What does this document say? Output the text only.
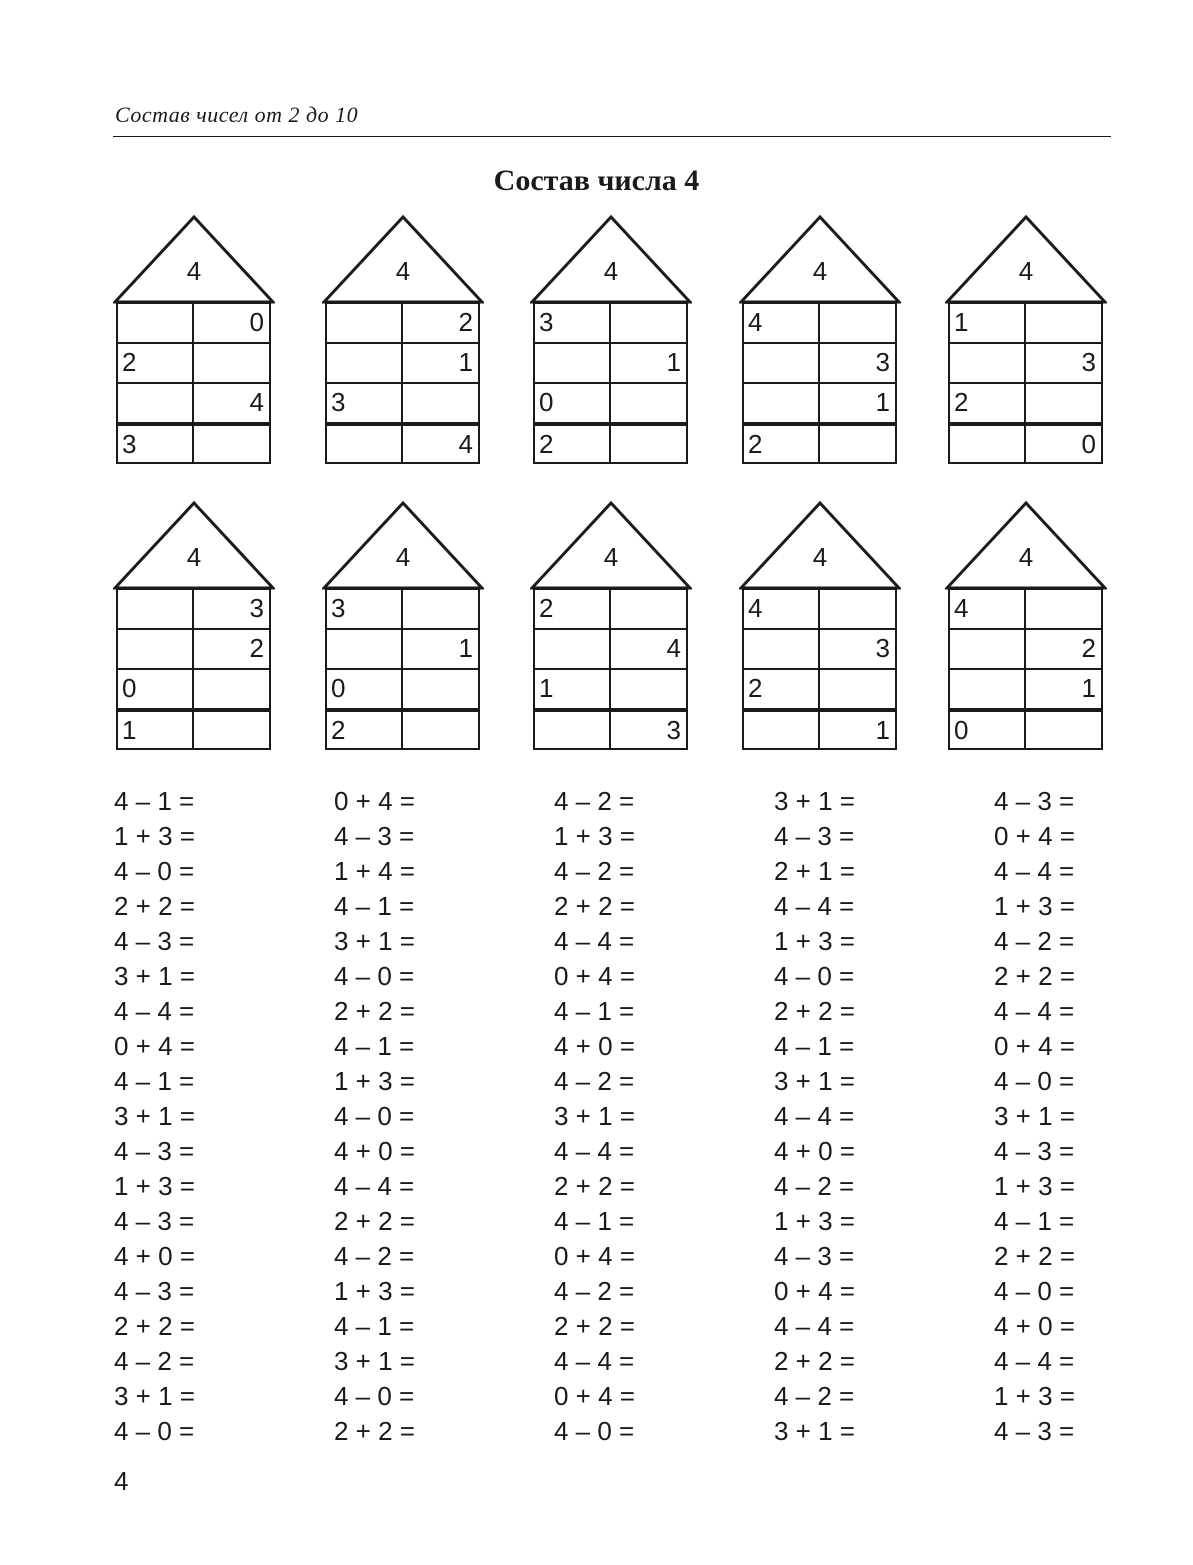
Состав чисел от 2 до 10
Состав числа 4
4
0
2
4
3
4
2
1
3
4
4
3
1
0
2
4
4
3
1
2
4
1
3
2
0
4
3
2
0
1
4
3
1
0
2
4
2
4
1
3
4
4
3
2
1
4
4
2
1
0
4 – 1 =
1 + 3 =
4 – 0 =
2 + 2 =
4 – 3 =
3 + 1 =
4 – 4 =
0 + 4 =
4 – 1 =
3 + 1 =
4 – 3 =
1 + 3 =
4 – 3 =
4 + 0 =
4 – 3 =
2 + 2 =
4 – 2 =
3 + 1 =
4 – 0 =
0 + 4 =
4 – 3 =
1 + 4 =
4 – 1 =
3 + 1 =
4 – 0 =
2 + 2 =
4 – 1 =
1 + 3 =
4 – 0 =
4 + 0 =
4 – 4 =
2 + 2 =
4 – 2 =
1 + 3 =
4 – 1 =
3 + 1 =
4 – 0 =
2 + 2 =
4 – 2 =
1 + 3 =
4 – 2 =
2 + 2 =
4 – 4 =
0 + 4 =
4 – 1 =
4 + 0 =
4 – 2 =
3 + 1 =
4 – 4 =
2 + 2 =
4 – 1 =
0 + 4 =
4 – 2 =
2 + 2 =
4 – 4 =
0 + 4 =
4 – 0 =
3 + 1 =
4 – 3 =
2 + 1 =
4 – 4 =
1 + 3 =
4 – 0 =
2 + 2 =
4 – 1 =
3 + 1 =
4 – 4 =
4 + 0 =
4 – 2 =
1 + 3 =
4 – 3 =
0 + 4 =
4 – 4 =
2 + 2 =
4 – 2 =
3 + 1 =
4 – 3 =
0 + 4 =
4 – 4 =
1 + 3 =
4 – 2 =
2 + 2 =
4 – 4 =
0 + 4 =
4 – 0 =
3 + 1 =
4 – 3 =
1 + 3 =
4 – 1 =
2 + 2 =
4 – 0 =
4 + 0 =
4 – 4 =
1 + 3 =
4 – 3 =
4
